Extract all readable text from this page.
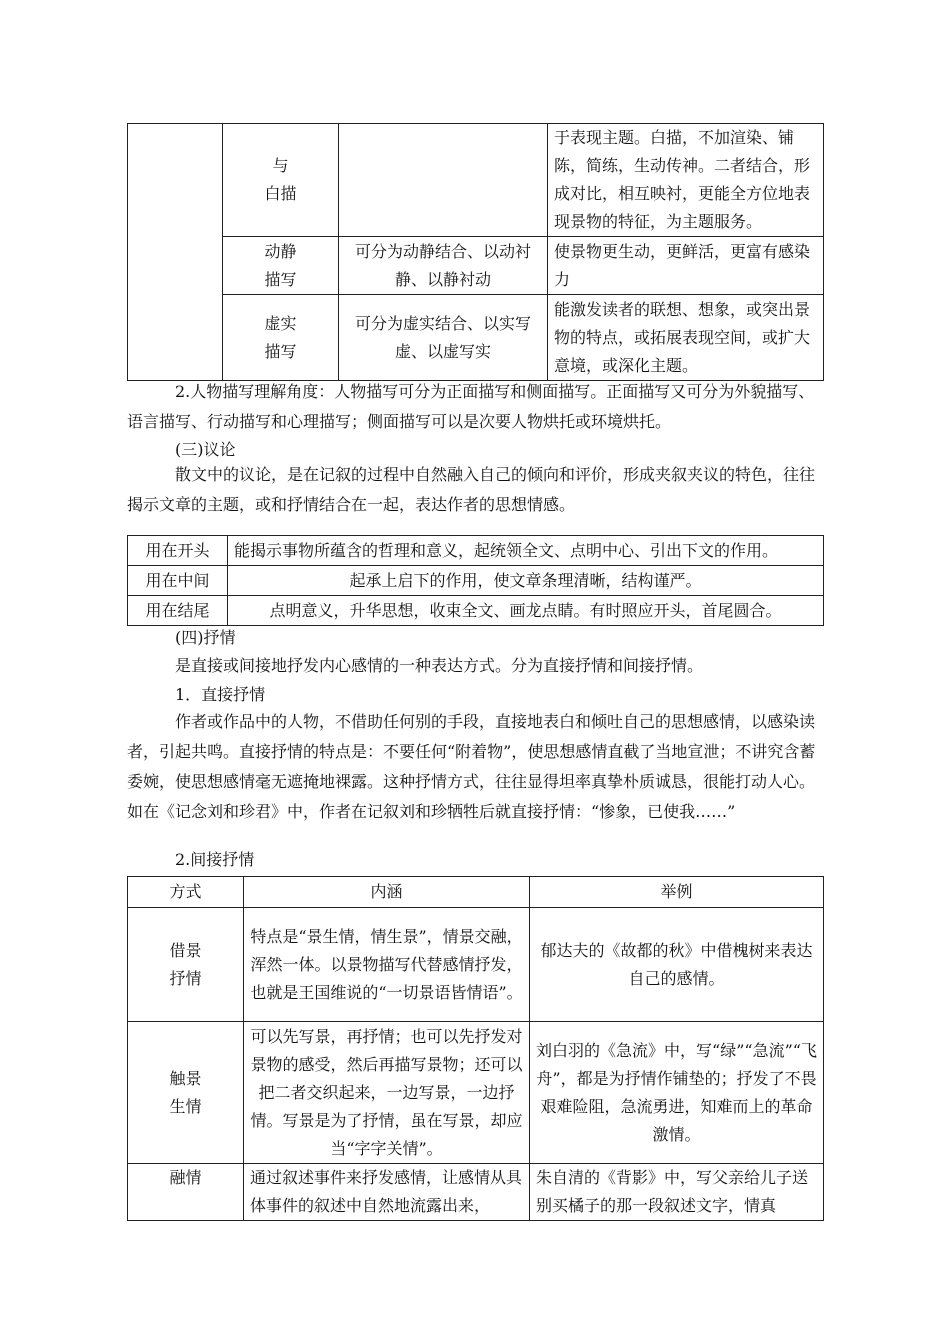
	与
白描		于表现主题。白描，不加渲染、铺陈，简练，生动传神。二者结合，形成对比，相互映衬，更能全方位地表现景物的特征，为主题服务。
	动静
描写	可分为动静结合、以动衬静、以静衬动	使景物更生动，更鲜活，更富有感染力
	虚实
描写	可分为虚实结合、以实写虚、以虚写实	能激发读者的联想、想象，或突出景物的特点，或拓展表现空间，或扩大意境，或深化主题。

2.人物描写理解角度：人物描写可分为正面描写和侧面描写。正面描写又可分为外貌描写、语言描写、行动描写和心理描写；侧面描写可以是次要人物烘托或环境烘托。

(三)议论

散文中的议论，是在记叙的过程中自然融入自己的倾向和评价，形成夹叙夹议的特色，往往揭示文章的主题，或和抒情结合在一起，表达作者的思想情感。

用在开头	能揭示事物所蕴含的哲理和意义，起统领全文、点明中心、引出下文的作用。
用在中间	起承上启下的作用，使文章条理清晰，结构谨严。
用在结尾	点明意义，升华思想，收束全文、画龙点睛。有时照应开头，首尾圆合。

(四)抒情

是直接或间接地抒发内心感情的一种表达方式。分为直接抒情和间接抒情。

1．直接抒情

作者或作品中的人物，不借助任何别的手段，直接地表白和倾吐自己的思想感情，以感染读者，引起共鸣。直接抒情的特点是：不要任何“附着物”，使思想感情直截了当地宣泄；不讲究含蓄委婉，使思想感情毫无遮掩地裸露。这种抒情方式，往往显得坦率真挚朴质诚恳，很能打动人心。如在《记念刘和珍君》中，作者在记叙刘和珍牺牲后就直接抒情：“惨象，已使我……”

2.间接抒情

方式	内涵	举例
借景
抒情	特点是“景生情，情生景”，情景交融，浑然一体。以景物描写代替感情抒发，也就是王国维说的“一切景语皆情语”。	郁达夫的《故都的秋》中借槐树来表达自己的感情。
触景
生情	可以先写景，再抒情；也可以先抒发对景物的感受，然后再描写景物；还可以把二者交织起来，一边写景，一边抒情。写景是为了抒情，虽在写景，却应当“字字关情”。	刘白羽的《急流》中，写“绿”“急流”“飞舟”，都是为抒情作铺垫的；抒发了不畏艰难险阻，急流勇进，知难而上的革命激情。
融情	通过叙述事件来抒发感情，让感情从具体事件的叙述中自然地流露出来，	朱自清的《背影》中，写父亲给儿子送别买橘子的那一段叙述文字，情真
